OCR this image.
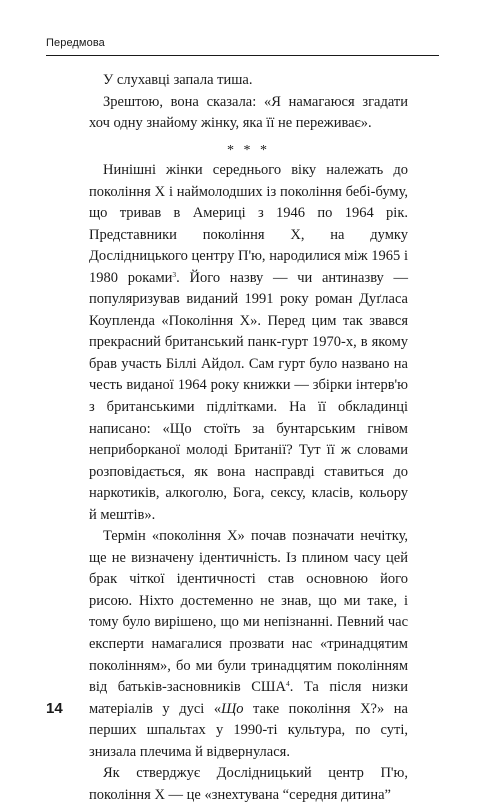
Передмова

У слухавці запала тиша.

Зрештою, вона сказала: «Я намагаюся згадати хоч одну знайому жінку, яка її не переживає».

* * *

Нинішні жінки середнього віку належать до покоління X і наймолодших із покоління бебі-буму, що тривав в Америці з 1946 по 1964 рік. Представники покоління X, на думку Дослідницького центру П'ю, народилися між 1965 і 1980 роками$^3$. Його назву — чи антиназву — популяризував виданий 1991 року роман Дуґласа Коупленда «Покоління X». Перед цим так звався прекрасний британський панк-гурт 1970-х, в якому брав участь Біллі Айдол. Сам гурт було названо на честь виданої 1964 року книжки — збірки інтерв'ю з британськими підлітками. На її обкладинці написано: «Що стоїть за бунтарським гнівом неприборканої молоді Британії? Тут її ж словами розповідається, як вона насправді ставиться до наркотиків, алкоголю, Бога, сексу, класів, кольору й мештів».

Термін «покоління X» почав позначати нечітку, ще не визначену ідентичність. Із плином часу цей брак чіткої ідентичності став основною його рисою. Ніхто достеменно не знав, що ми таке, і тому було вирішено, що ми непізнанні. Певний час експерти намагалися прозвати нас «тринадцятим поколінням», бо ми були тринадцятим поколінням від батьків-засновників США$^4$. Та після низки матеріалів у дусі «Що таке покоління X?» на перших шпальтах у 1990-ті культура, по суті, знизала плечима й відвернулася.

Як стверджує Дослідницький центр П'ю, покоління X — це «знехтувана “середня дитина”

14
